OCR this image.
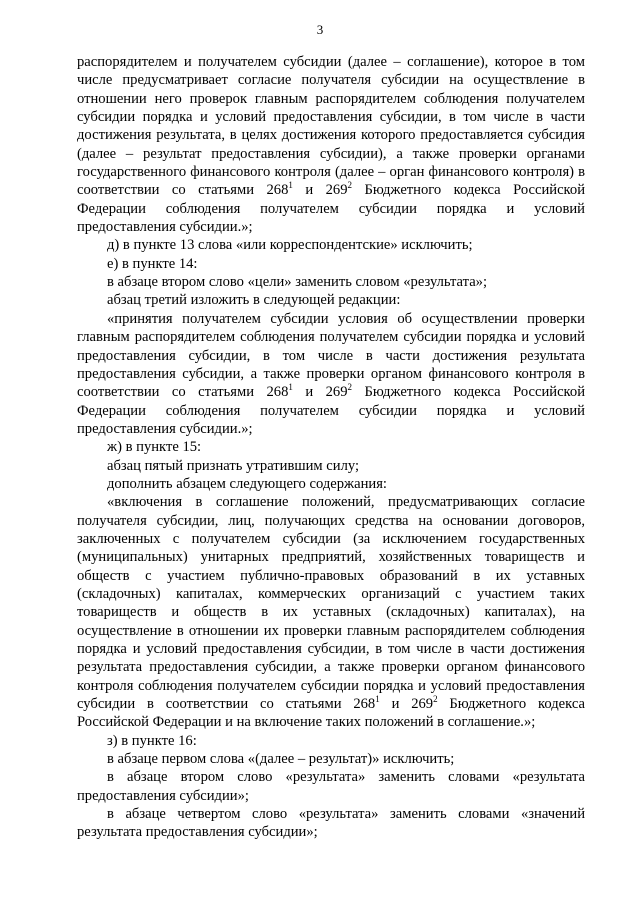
3

распорядителем и получателем субсидии (далее – соглашение), которое в том числе предусматривает согласие получателя субсидии на осуществление в отношении него проверок главным распорядителем соблюдения получателем субсидии порядка и условий предоставления субсидии, в том числе в части достижения результата, в целях достижения которого предоставляется субсидия (далее – результат предоставления субсидии), а также проверки органами государственного финансового контроля (далее – орган финансового контроля) в соответствии со статьями $268^1$ и $269^2$ Бюджетного кодекса Российской Федерации соблюдения получателем субсидии порядка и условий предоставления субсидии.»;

д) в пункте 13 слова «или корреспондентские» исключить;

е) в пункте 14:

в абзаце втором слово «цели» заменить словом «результата»;

абзац третий изложить в следующей редакции:

«принятия получателем субсидии условия об осуществлении проверки главным распорядителем соблюдения получателем субсидии порядка и условий предоставления субсидии, в том числе в части достижения результата предоставления субсидии, а также проверки органом финансового контроля в соответствии со статьями $268^1$ и $269^2$ Бюджетного кодекса Российской Федерации соблюдения получателем субсидии порядка и условий предоставления субсидии.»;

ж) в пункте 15:

абзац пятый признать утратившим силу;

дополнить абзацем следующего содержания:

«включения в соглашение положений, предусматривающих согласие получателя субсидии, лиц, получающих средства на основании договоров, заключенных с получателем субсидии (за исключением государственных (муниципальных) унитарных предприятий, хозяйственных товариществ и обществ с участием публично-правовых образований в их уставных (складочных) капиталах, коммерческих организаций с участием таких товариществ и обществ в их уставных (складочных) капиталах), на осуществление в отношении их проверки главным распорядителем соблюдения порядка и условий предоставления субсидии, в том числе в части достижения результата предоставления субсидии, а также проверки органом финансового контроля соблюдения получателем субсидии порядка и условий предоставления субсидии в соответствии со статьями $268^1$ и $269^2$ Бюджетного кодекса Российской Федерации и на включение таких положений в соглашение.»;

з) в пункте 16:

в абзаце первом слова «(далее – результат)» исключить;

в абзаце втором слово «результата» заменить словами «результата предоставления субсидии»;

в абзаце четвертом слово «результата» заменить словами «значений результата предоставления субсидии»;
